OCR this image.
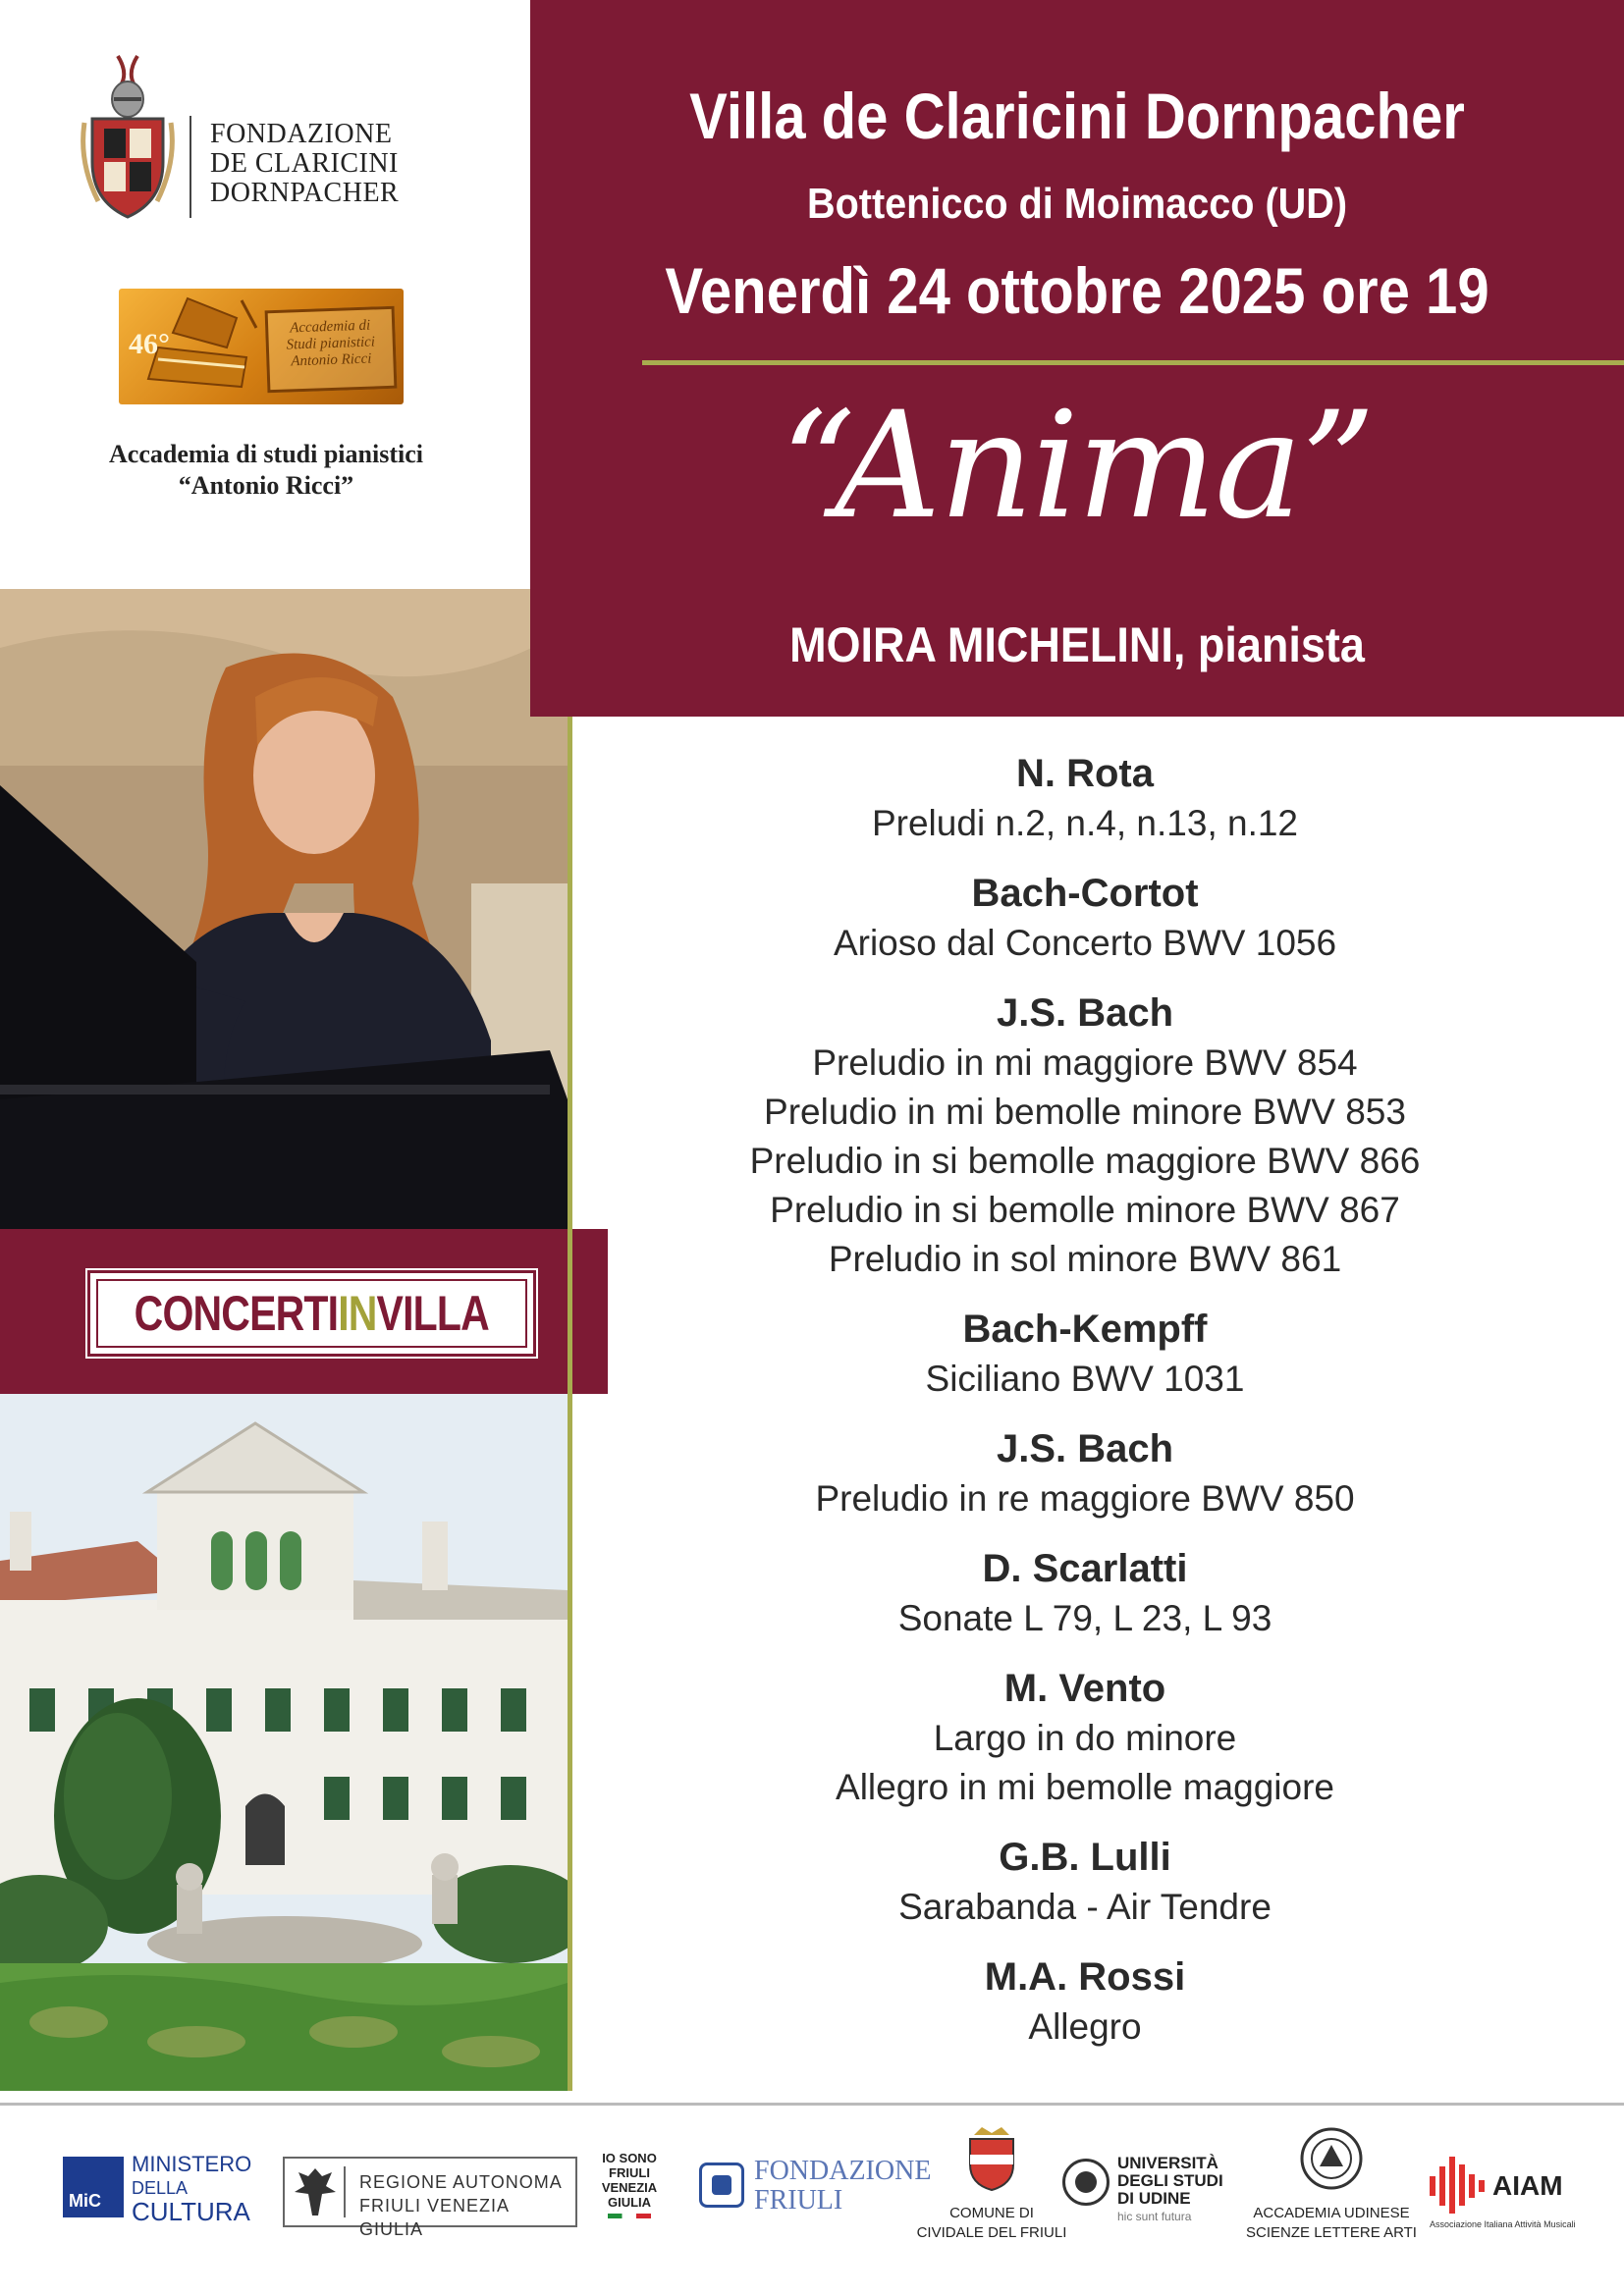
FONDAZIONE
DE CLARICINI
DORNPACHER
46°
Accademia di
Studi pianistici
Antonio Ricci
Accademia di studi pianistici
“Antonio Ricci”
CONCERTIINVILLA
Villa de Claricini Dornpacher
Bottenicco di Moimacco (UD)
Venerdì 24 ottobre 2025 ore 19
“Anima”
MOIRA MICHELINI, pianista
N. Rota
Preludi n.2, n.4, n.13, n.12
Bach-Cortot
Arioso dal Concerto BWV 1056
J.S. Bach
Preludio in mi maggiore BWV 854
Preludio in mi bemolle minore BWV 853
Preludio in si bemolle maggiore BWV 866
Preludio in si bemolle minore BWV 867
Preludio in sol minore BWV 861
Bach-Kempff
Siciliano BWV 1031
J.S. Bach
Preludio in re maggiore BWV 850
D. Scarlatti
Sonate L 79, L 23, L 93
M. Vento
Largo in do minore
Allegro in mi bemolle maggiore
G.B. Lulli
Sarabanda - Air Tendre
M.A. Rossi
Allegro
MiC
MINISTERO
DELLA
CULTURA
REGIONE AUTONOMA
FRIULI VENEZIA GIULIA
IO SONO
FRIULI
VENEZIA
GIULIA
FONDAZIONE
FRIULI	COMUNE DI
CIVIDALE DEL FRIULI
UNIVERSITÀ
DEGLI STUDI
DI UDINE
hic sunt futura	ACCADEMIA UDINESE
SCIENZE LETTERE ARTI
AIAM
Associazione Italiana Attività Musicali
